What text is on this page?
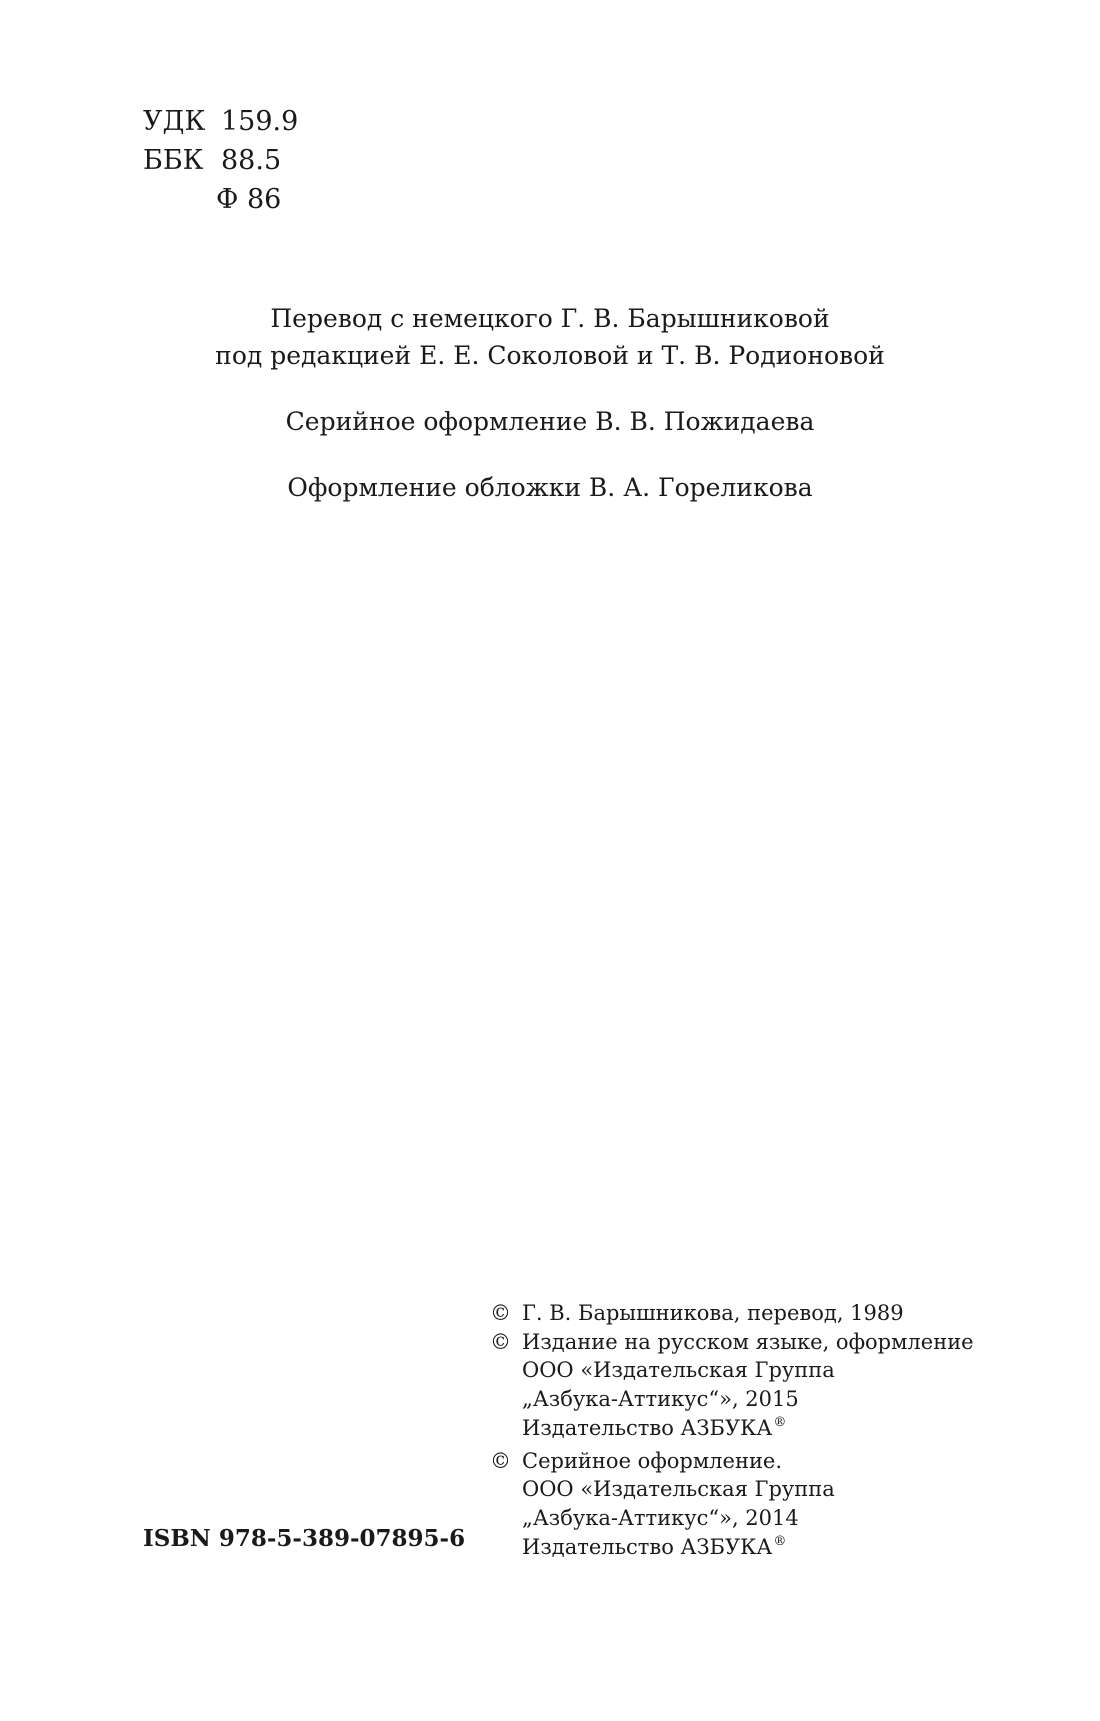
УДК 159.9
ББК 88.5
Ф 86

Перевод с немецкого Г. В. Барышниковой
под редакцией Е. Е. Соколовой и Т. В. Родионовой

Серийное оформление В. В. Пожидаева

Оформление обложки В. А. Гореликова

© Г. В. Барышникова, перевод, 1989
© Издание на русском языке, оформление
ООО «Издательская Группа
„Азбука-Аттикус“», 2015
Издательство АЗБУКА®
© Серийное оформление.
ООО «Издательская Группа
„Азбука-Аттикус“», 2014
Издательство АЗБУКА®
ISBN 978-5-389-07895-6
